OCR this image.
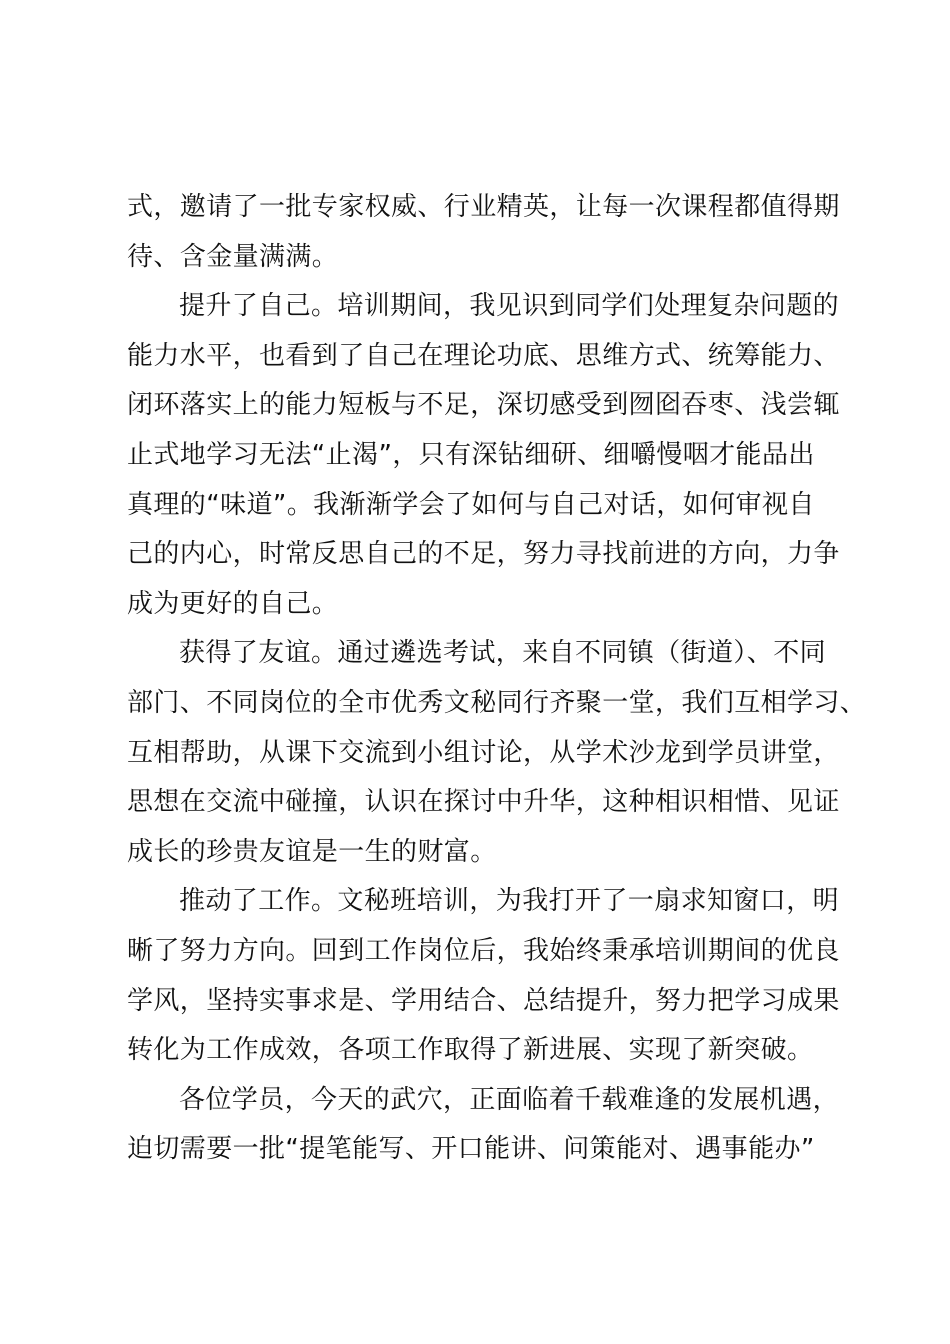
式，邀请了一批专家权威、行业精英，让每一次课程都值得期
待、含金量满满。
提升了自己。培训期间，我见识到同学们处理复杂问题的
能力水平，也看到了自己在理论功底、思维方式、统筹能力、
闭环落实上的能力短板与不足，深切感受到囫囵吞枣、浅尝辄
止式地学习无法“止渴”，只有深钻细研、细嚼慢咽才能品出
真理的“味道”。我渐渐学会了如何与自己对话，如何审视自
己的内心，时常反思自己的不足，努力寻找前进的方向，力争
成为更好的自己。
获得了友谊。通过遴选考试，来自不同镇（街道）、不同
部门、不同岗位的全市优秀文秘同行齐聚一堂，我们互相学习、
互相帮助，从课下交流到小组讨论，从学术沙龙到学员讲堂，
思想在交流中碰撞，认识在探讨中升华，这种相识相惜、见证
成长的珍贵友谊是一生的财富。
推动了工作。文秘班培训，为我打开了一扇求知窗口，明
晰了努力方向。回到工作岗位后，我始终秉承培训期间的优良
学风，坚持实事求是、学用结合、总结提升，努力把学习成果
转化为工作成效，各项工作取得了新进展、实现了新突破。
各位学员，今天的武穴，正面临着千载难逢的发展机遇，
迫切需要一批“提笔能写、开口能讲、问策能对、遇事能办”
